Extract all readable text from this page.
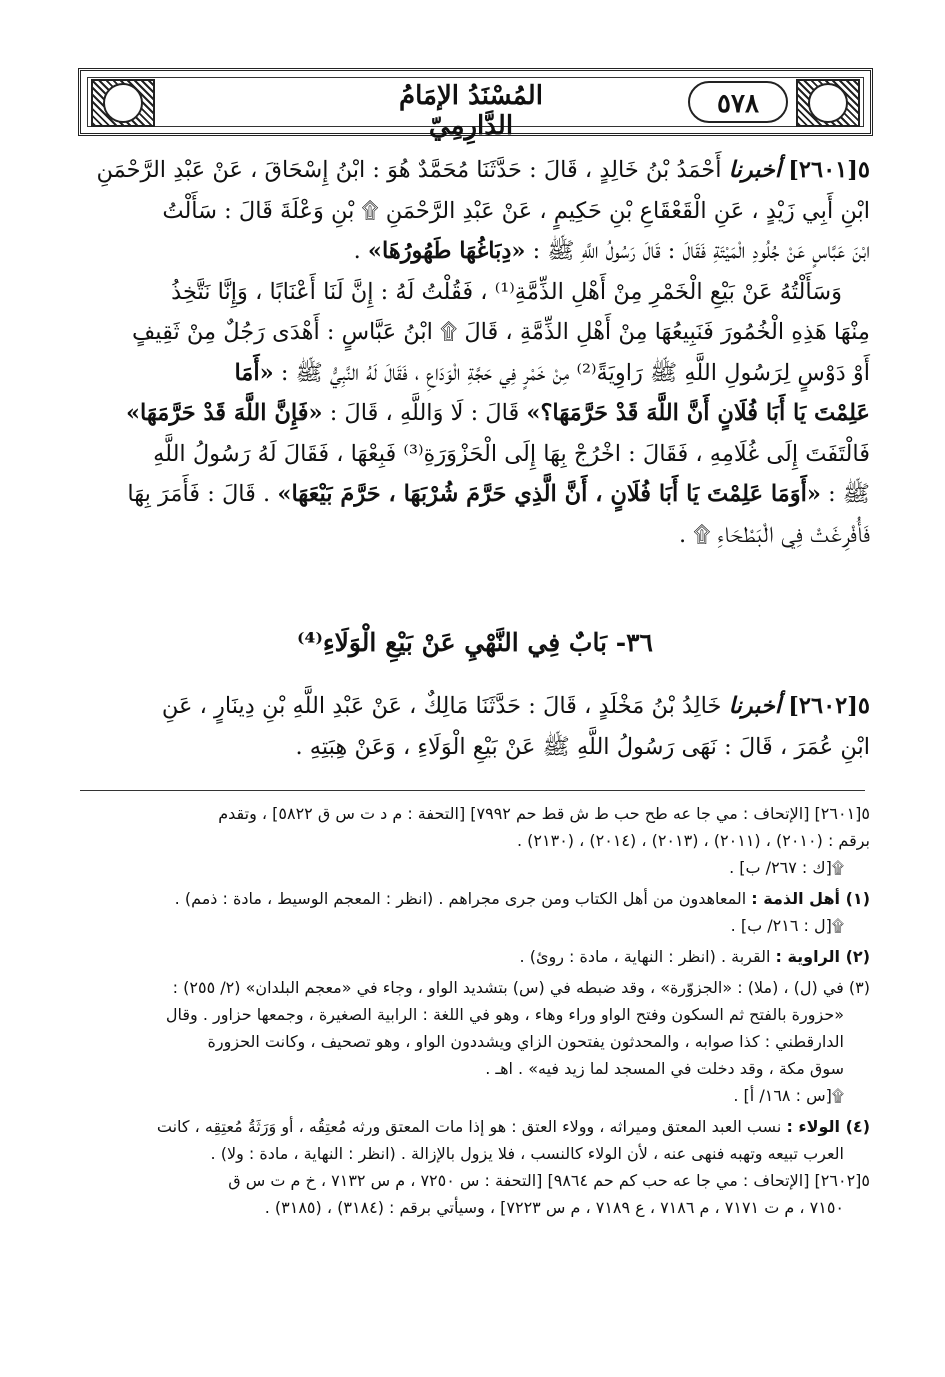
المُسْنَدُ الإمَامُ الدَّارِمِيّ
٥٧٨

٥[٢٦٠١] أخبرنا أَحْمَدُ بْنُ خَالِدٍ ، قَالَ : حَدَّثَنَا مُحَمَّدٌ هُوَ : ابْنُ إِسْحَاقَ ، عَنْ عَبْدِ الرَّحْمَنِ

ابْنِ أَبِي زَيْدٍ ، عَنِ الْقَعْقَاعِ بْنِ حَكِيمٍ ، عَنْ عَبْدِ الرَّحْمَنِ ۩ بْنِ وَعْلَةَ قَالَ : سَأَلْتُ

ابْنَ عَبَّاسٍ عَنْ جُلُودِ الْمَيْتَةِ فَقَالَ : قَالَ رَسُولُ اللَّهِ ﷺ : «دِبَاغُهَا طَهُورُهَا» .

وَسَأَلْتُهُ عَنْ بَيْعِ الْخَمْرِ مِنْ أَهْلِ الذِّمَّةِ⁽¹⁾ ، فَقُلْتُ لَهُ : إِنَّ لَنَا أَعْنَابًا ، وَإِنَّا نَتَّخِذُ

مِنْهَا هَذِهِ الْخُمُورَ فَنَبِيعُهَا مِنْ أَهْلِ الذِّمَّةِ ، قَالَ ۩ ابْنُ عَبَّاسٍ : أَهْدَى رَجُلٌ مِنْ ثَقِيفٍ

أَوْ دَوْسٍ لِرَسُولِ اللَّهِ ﷺ رَاوِيَةً⁽²⁾ مِنْ خَمْرٍ فِي حَجَّةِ الْوَدَاعِ ، فَقَالَ لَهُ النَّبِيُّ ﷺ : «أَمَا

عَلِمْتَ يَا أَبَا فُلَانٍ أَنَّ اللَّهَ قَدْ حَرَّمَهَا؟» قَالَ : لَا وَاللَّهِ ، قَالَ : «فَإِنَّ اللَّهَ قَدْ حَرَّمَهَا»

فَالْتَفَتَ إِلَى غُلَامِهِ ، فَقَالَ : اخْرُجْ بِهَا إِلَى الْحَزْوَرَةِ⁽³⁾ فَبِعْهَا ، فَقَالَ لَهُ رَسُولُ اللَّهِ

ﷺ : «أَوَمَا عَلِمْتَ يَا أَبَا فُلَانٍ ، أَنَّ الَّذِي حَرَّمَ شُرْبَهَا ، حَرَّمَ بَيْعَهَا» . قَالَ : فَأَمَرَ بِهَا

فَأُفْرِغَتْ فِي الْبَطْحَاءِ ۩ .

٣٦- بَابٌ فِي النَّهْيِ عَنْ بَيْعِ الْوَلَاءِ⁽⁴⁾

٥[٢٦٠٢] أخبرنا خَالِدُ بْنُ مَخْلَدٍ ، قَالَ : حَدَّثَنَا مَالِكٌ ، عَنْ عَبْدِ اللَّهِ بْنِ دِينَارٍ ، عَنِ

ابْنِ عُمَرَ ، قَالَ : نَهَى رَسُولُ اللَّهِ ﷺ عَنْ بَيْعِ الْوَلَاءِ ، وَعَنْ هِبَتِهِ .

٥[٢٦٠١] [الإتحاف : مي جا عه طح حب ط ش قط حم ٧٩٩٢] [التحفة : م د ت س ق ٥٨٢٢] ، وتقدم

برقم : (٢٠١٠) ، (٢٠١١) ، (٢٠١٣) ، (٢٠١٤) ، (٢١٣٠) .

۩[ك : ٢٦٧/ ب] .

(١) أهل الذمة : المعاهدون من أهل الكتاب ومن جرى مجراهم . (انظر : المعجم الوسيط ، مادة : ذمم) .

۩[ل : ٢١٦/ ب] .

(٢) الراوية : القربة . (انظر : النهاية ، مادة : روئ) .

(٣) في (ل) ، (ملا) : «الجزوّرة» ، وقد ضبطه في (س) بتشديد الواو ، وجاء في «معجم البلدان» (٢/ ٢٥٥) :

«حزورة بالفتح ثم السكون وفتح الواو وراء وهاء ، وهو في اللغة : الرابية الصغيرة ، وجمعها حزاور . وقال

الدارقطني : كذا صوابه ، والمحدثون يفتحون الزاي ويشددون الواو ، وهو تصحيف ، وكانت الحزورة

سوق مكة ، وقد دخلت في المسجد لما زيد فيه» . اهـ .

۩[س : ١٦٨/ أ] .

(٤) الولاء : نسب العبد المعتق وميراثه ، وولاء العتق : هو إذا مات المعتق ورثه مُعتِقُه ، أو وَرَثَةُ مُعتِقِه ، كانت

العرب تبيعه وتهبه فنهى عنه ، لأن الولاء كالنسب ، فلا يزول بالإزالة . (انظر : النهاية ، مادة : ولا) .

٥[٢٦٠٢] [الإتحاف : مي جا عه حب كم حم ٩٨٦٤] [التحفة : س ٧٢٥٠ ، م س ٧١٣٢ ، خ م ت س ق

٧١٥٠ ، م ت ٧١٧١ ، م ٧١٨٦ ، ع ٧١٨٩ ، م س ٧٢٢٣] ، وسيأتي برقم : (٣١٨٤) ، (٣١٨٥) .
